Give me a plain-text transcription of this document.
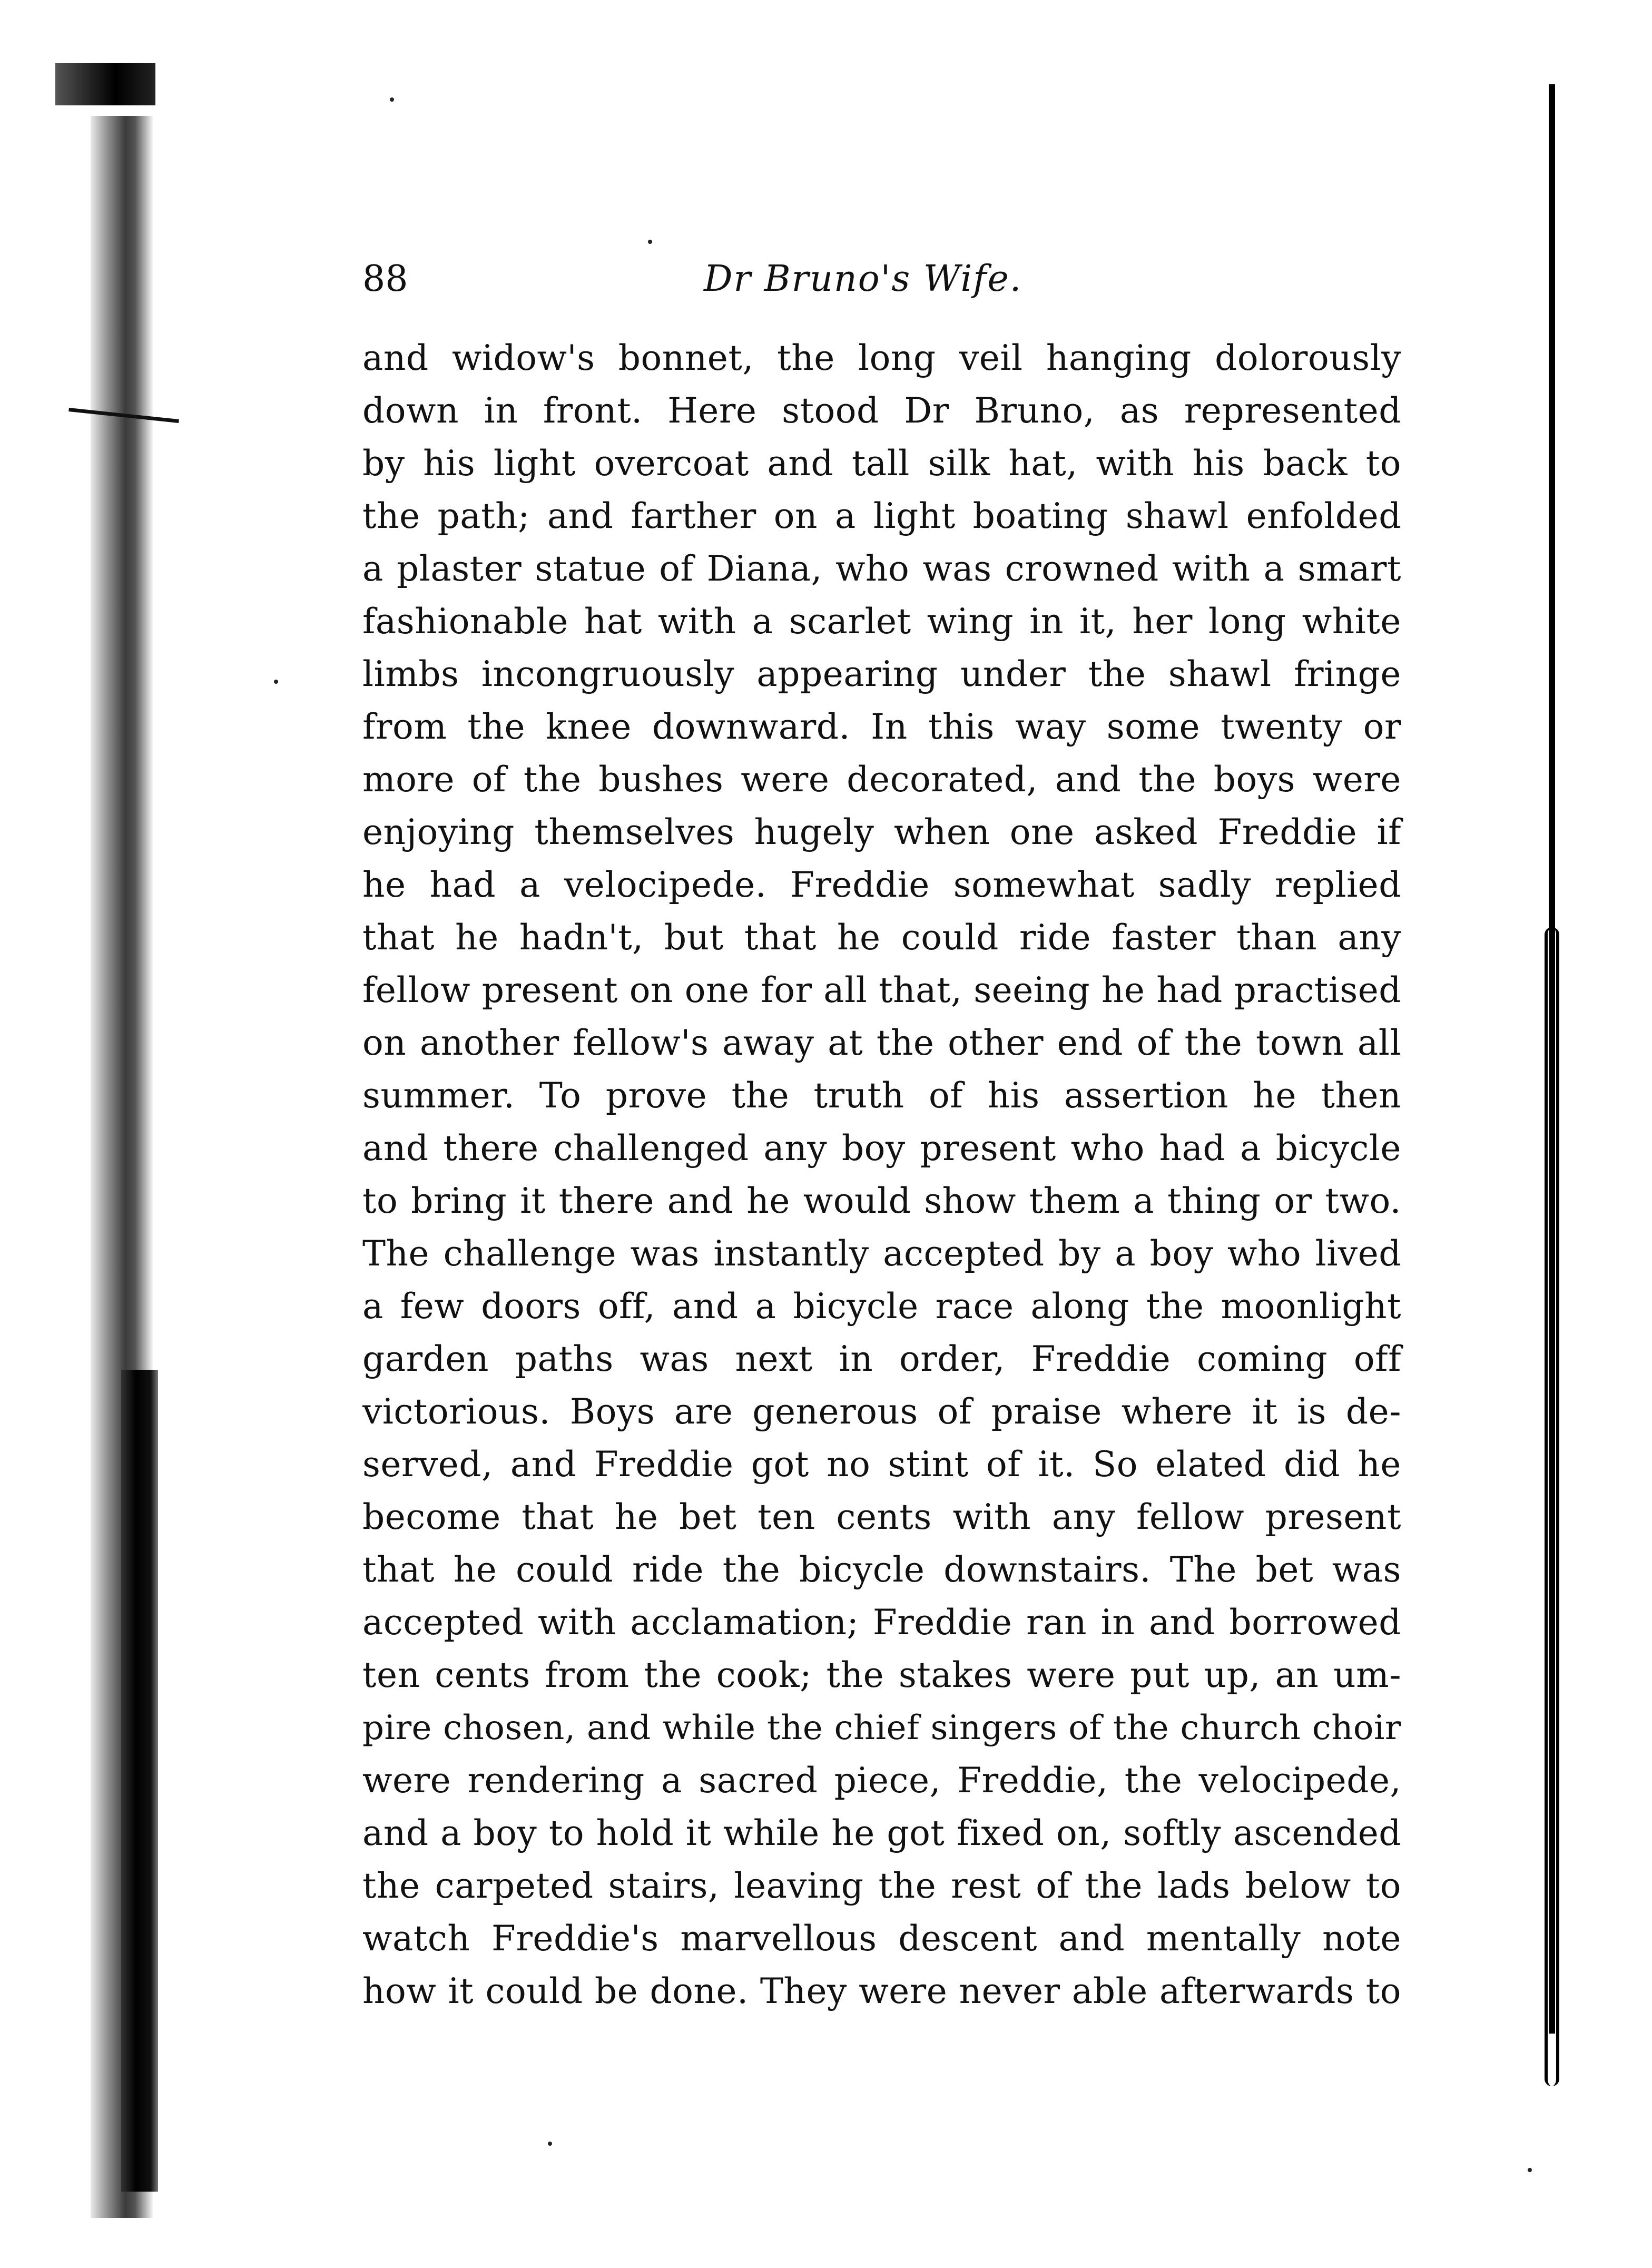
88	Dr Bruno's Wife.
and widow's bonnet, the long veil hanging dolorously
down in front. Here stood Dr Bruno, as represented
by his light overcoat and tall silk hat, with his back to
the path; and farther on a light boating shawl enfolded
a plaster statue of Diana, who was crowned with a smart
fashionable hat with a scarlet wing in it, her long white
limbs incongruously appearing under the shawl fringe
from the knee downward. In this way some twenty or
more of the bushes were decorated, and the boys were
enjoying themselves hugely when one asked Freddie if
he had a velocipede. Freddie somewhat sadly replied
that he hadn't, but that he could ride faster than any
fellow present on one for all that, seeing he had practised
on another fellow's away at the other end of the town all
summer. To prove the truth of his assertion he then
and there challenged any boy present who had a bicycle
to bring it there and he would show them a thing or two.
The challenge was instantly accepted by a boy who lived
a few doors off, and a bicycle race along the moonlight
garden paths was next in order, Freddie coming off
victorious. Boys are generous of praise where it is de-
served, and Freddie got no stint of it. So elated did he
become that he bet ten cents with any fellow present
that he could ride the bicycle downstairs. The bet was
accepted with acclamation; Freddie ran in and borrowed
ten cents from the cook; the stakes were put up, an um-
pire chosen, and while the chief singers of the church choir
were rendering a sacred piece, Freddie, the velocipede,
and a boy to hold it while he got fixed on, softly ascended
the carpeted stairs, leaving the rest of the lads below to
watch Freddie's marvellous descent and mentally note
how it could be done. They were never able afterwards to
